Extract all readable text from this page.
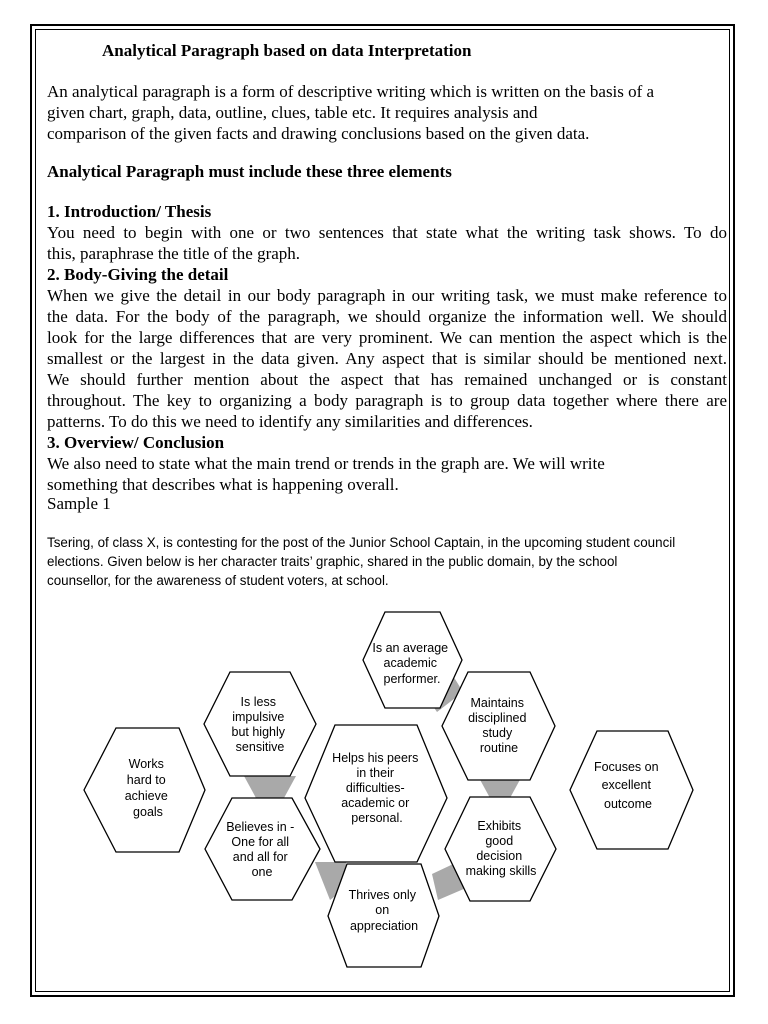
Analytical Paragraph based on data Interpretation

An analytical paragraph is a form of descriptive writing which is written on the basis of a
given chart, graph, data, outline, clues, table etc. It requires analysis and
comparison of the given facts and drawing conclusions based on the given data.

Analytical Paragraph must include these three elements

1. Introduction/ Thesis
You need to begin with one or two sentences that state what the writing task shows. To do
this, paraphrase the title of the graph.
2. Body-Giving the detail
When we give the detail in our body paragraph in our writing task, we must make reference to
the data. For the body of the paragraph, we should organize the information well. We should
look for the large differences that are very prominent. We can mention the aspect which is the
smallest or the largest in the data given. Any aspect that is similar should be mentioned next.
We should further mention about the aspect that has remained unchanged or is constant
throughout. The key to organizing a body paragraph is to group data together where there are
patterns. To do this we need to identify any similarities and differences.
3. Overview/ Conclusion
We also need to state what the main trend or trends in the graph are. We will write
something that describes what is happening overall.

Sample 1

Tsering, of class X, is contesting for the post of the Junior School Captain, in the upcoming student council
elections. Given below is her character traits’ graphic, shared in the public domain, by the school
counsellor, for the awareness of student voters, at school.

Is an average academic performer.
Is less impulsive but highly sensitive
Maintains disciplined study routine
Helps his peers in their difficulties- academic or personal.
Believes in - One for all and all for one
Exhibits good decision making skills
Thrives only on appreciation
Works hard to achieve goals
Focuses on excellent outcome
